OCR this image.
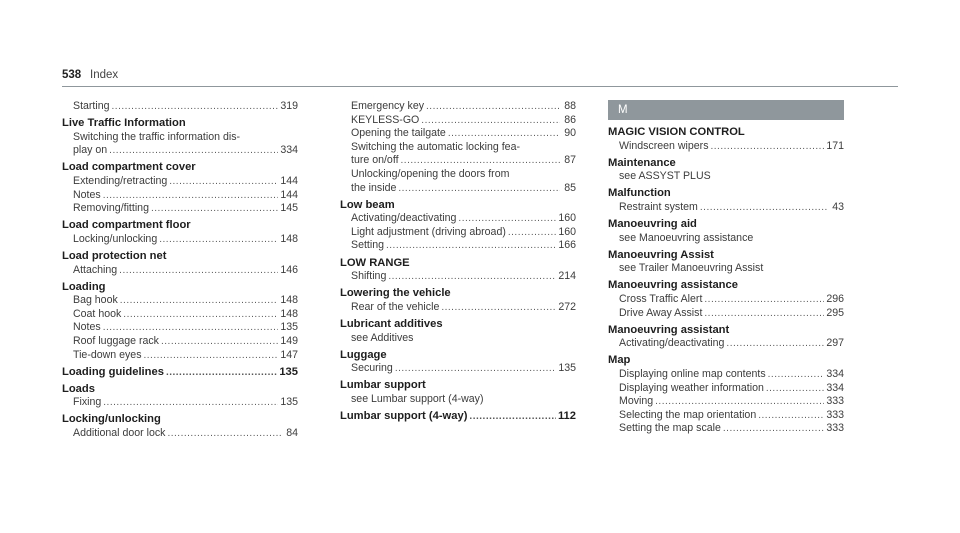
538 Index
Starting .....	319
Live Traffic Information
Switching the traffic information dis-
play on .....	334
Load compartment cover
Extending/retracting .....	144
Notes .....	144
Removing/fitting .....	145
Load compartment floor
Locking/unlocking .....	148
Load protection net
Attaching .....	146
Loading
Bag hook .....	148
Coat hook .....	148
Notes .....	135
Roof luggage rack .....	149
Tie-down eyes .....	147
Loading guidelines .....	135
Loads
Fixing .....	135
Locking/unlocking
Additional door lock .....	84
Emergency key .....	88
KEYLESS-GO .....	86
Opening the tailgate .....	90
Switching the automatic locking fea-
ture on/off .....	87
Unlocking/opening the doors from
the inside .....	85
Low beam
Activating/deactivating .....	160
Light adjustment (driving abroad) .....	160
Setting .....	166
LOW RANGE
Shifting .....	214
Lowering the vehicle
Rear of the vehicle .....	272
Lubricant additives
see Additives
Luggage
Securing .....	135
Lumbar support
see Lumbar support (4-way)
Lumbar support (4-way) .....	112
M
MAGIC VISION CONTROL
Windscreen wipers .....	171
Maintenance
see ASSYST PLUS
Malfunction
Restraint system .....	43
Manoeuvring aid
see Manoeuvring assistance
Manoeuvring Assist
see Trailer Manoeuvring Assist
Manoeuvring assistance
Cross Traffic Alert .....	296
Drive Away Assist .....	295
Manoeuvring assistant
Activating/deactivating .....	297
Map
Displaying online map contents .....	334
Displaying weather information .....	334
Moving .....	333
Selecting the map orientation .....	333
Setting the map scale .....	333
